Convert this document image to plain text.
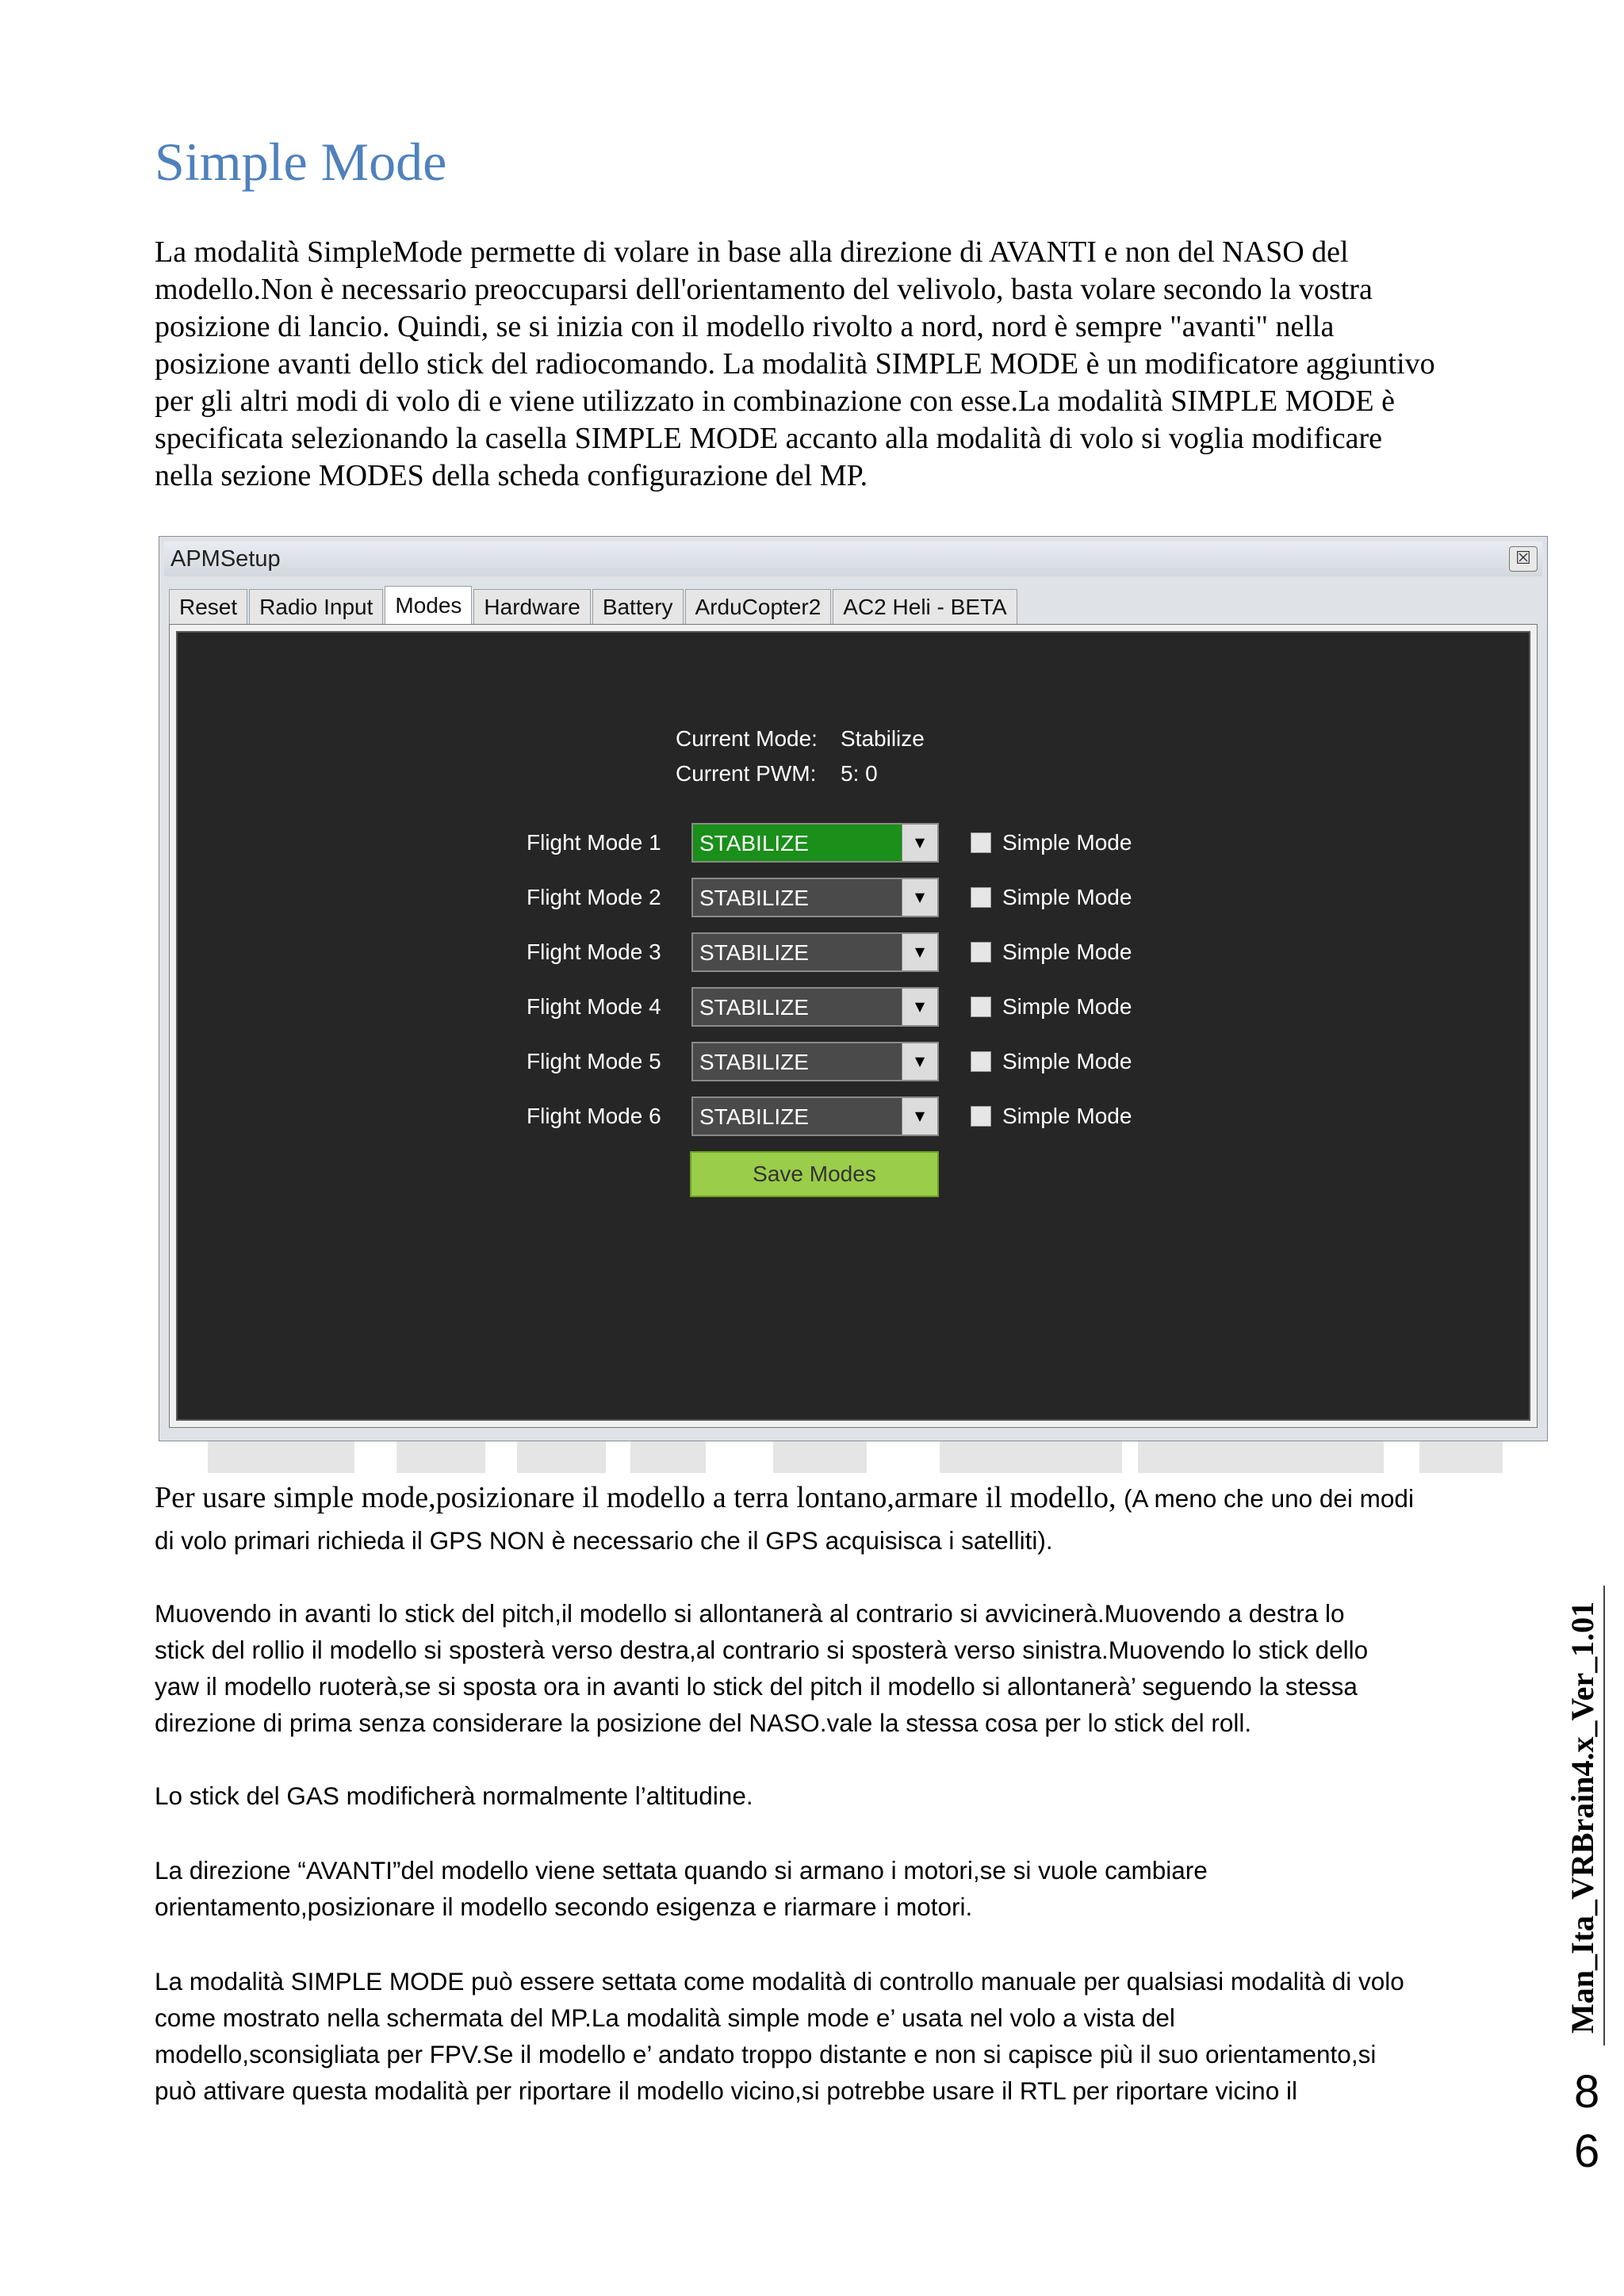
Simple Mode
La modalità SimpleMode permette di volare in base alla direzione di AVANTI e non del NASO del
modello.Non è necessario preoccuparsi dell'orientamento del velivolo, basta volare secondo la vostra
posizione di lancio. Quindi, se si inizia con il modello rivolto a nord, nord è sempre "avanti" nella
posizione avanti dello stick del radiocomando. La modalità SIMPLE MODE è un modificatore aggiuntivo
per gli altri modi di volo di e viene utilizzato in combinazione con esse.La modalità SIMPLE MODE è
specificata selezionando la casella SIMPLE MODE accanto alla modalità di volo si voglia modificare
nella sezione MODES della scheda configurazione del MP.
APMSetup	☒
Reset	Radio Input	Modes	Hardware	Battery	ArduCopter2	AC2 Heli - BETA
Current Mode: Stabilize
Current PWM: 5: 0
Flight Mode 1 STABILIZE	▼	Simple Mode
Flight Mode 2 STABILIZE	▼	Simple Mode
Flight Mode 3 STABILIZE	▼	Simple Mode
Flight Mode 4 STABILIZE	▼	Simple Mode
Flight Mode 5 STABILIZE	▼	Simple Mode
Flight Mode 6 STABILIZE	▼	Simple Mode
Save Modes
Per usare simple mode,posizionare il modello a terra lontano,armare il modello, (A meno che uno dei modi
di volo primari richieda il GPS NON è necessario che il GPS acquisisca i satelliti).
Muovendo in avanti lo stick del pitch,il modello si allontanerà al contrario si avvicinerà.Muovendo a destra lo
stick del rollio il modello si sposterà verso destra,al contrario si sposterà verso sinistra.Muovendo lo stick dello
yaw il modello ruoterà,se si sposta ora in avanti lo stick del pitch il modello si allontanerà’ seguendo la stessa
direzione di prima senza considerare la posizione del NASO.vale la stessa cosa per lo stick del roll.
Lo stick del GAS modificherà normalmente l’altitudine.
La direzione “AVANTI”del modello viene settata quando si armano i motori,se si vuole cambiare
orientamento,posizionare il modello secondo esigenza e riarmare i motori.
La modalità SIMPLE MODE può essere settata come modalità di controllo manuale per qualsiasi modalità di volo
come mostrato nella schermata del MP.La modalità simple mode e’ usata nel volo a vista del
modello,sconsigliata per FPV.Se il modello e’ andato troppo distante e non si capisce più il suo orientamento,si
può attivare questa modalità per riportare il modello vicino,si potrebbe usare il RTL per riportare vicino il
Man_Ita_VRBrain4.x_Ver_1.01
8
6
